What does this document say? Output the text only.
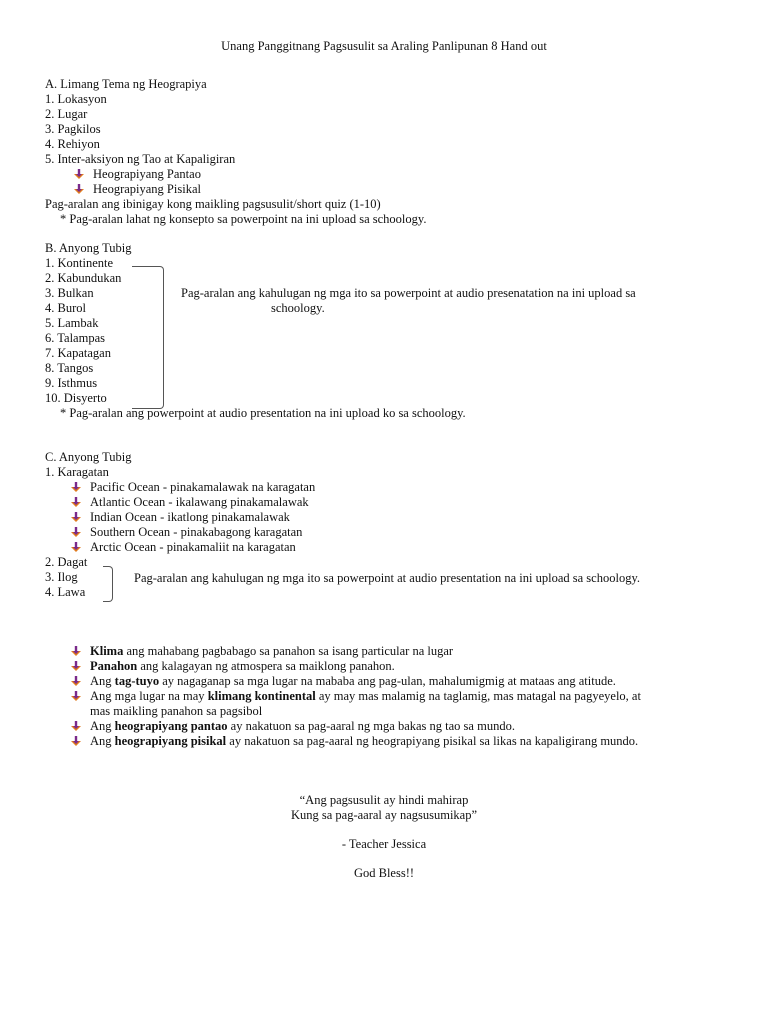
Unang Panggitnang Pagsusulit sa Araling Panlipunan 8 Hand out
A. Limang Tema ng Heograpiya
1. Lokasyon
2. Lugar
3. Pagkilos
4. Rehiyon
5. Inter-aksiyon ng Tao at Kapaligiran
Heograpiyang Pantao
Heograpiyang Pisikal
Pag-aralan ang ibinigay kong maikling pagsusulit/short quiz (1-10)
* Pag-aralan lahat ng konsepto sa powerpoint na ini upload sa schoology.
B. Anyong Tubig
1. Kontinente
2. Kabundukan
3. Bulkan
4. Burol
5. Lambak
6. Talampas
7. Kapatagan
8. Tangos
9. Isthmus
10. Disyerto
Pag-aralan ang kahulugan ng mga ito sa powerpoint at audio presenatation na ini upload sa
schoology.
* Pag-aralan ang powerpoint at audio presentation na ini upload ko sa schoology.
C. Anyong Tubig
1. Karagatan
Pacific Ocean - pinakamalawak na karagatan
Atlantic Ocean - ikalawang pinakamalawak
Indian Ocean - ikatlong pinakamalawak
Southern Ocean - pinakabagong karagatan
Arctic Ocean - pinakamaliit na karagatan
2. Dagat
3. Ilog
4. Lawa
Pag-aralan ang kahulugan ng mga ito sa powerpoint at audio presentation na ini upload sa schoology.
Klima ang mahabang pagbabago sa panahon sa isang particular na lugar
Panahon ang kalagayan ng atmospera sa maiklong panahon.
Ang tag-tuyo ay nagaganap sa mga lugar na mababa ang pag-ulan, mahalumigmig at mataas ang atitude.
Ang mga lugar na may klimang kontinental ay may mas malamig na taglamig, mas matagal na pagyeyelo, at
mas maikling panahon sa pagsibol
Ang heograpiyang pantao ay nakatuon sa pag-aaral ng mga bakas ng tao sa mundo.
Ang heograpiyang pisikal ay nakatuon sa pag-aaral ng heograpiyang pisikal sa likas na kapaligirang mundo.
“Ang pagsusulit ay hindi mahirap
Kung sa pag-aaral ay nagsusumikap”
- Teacher Jessica
God Bless!!
